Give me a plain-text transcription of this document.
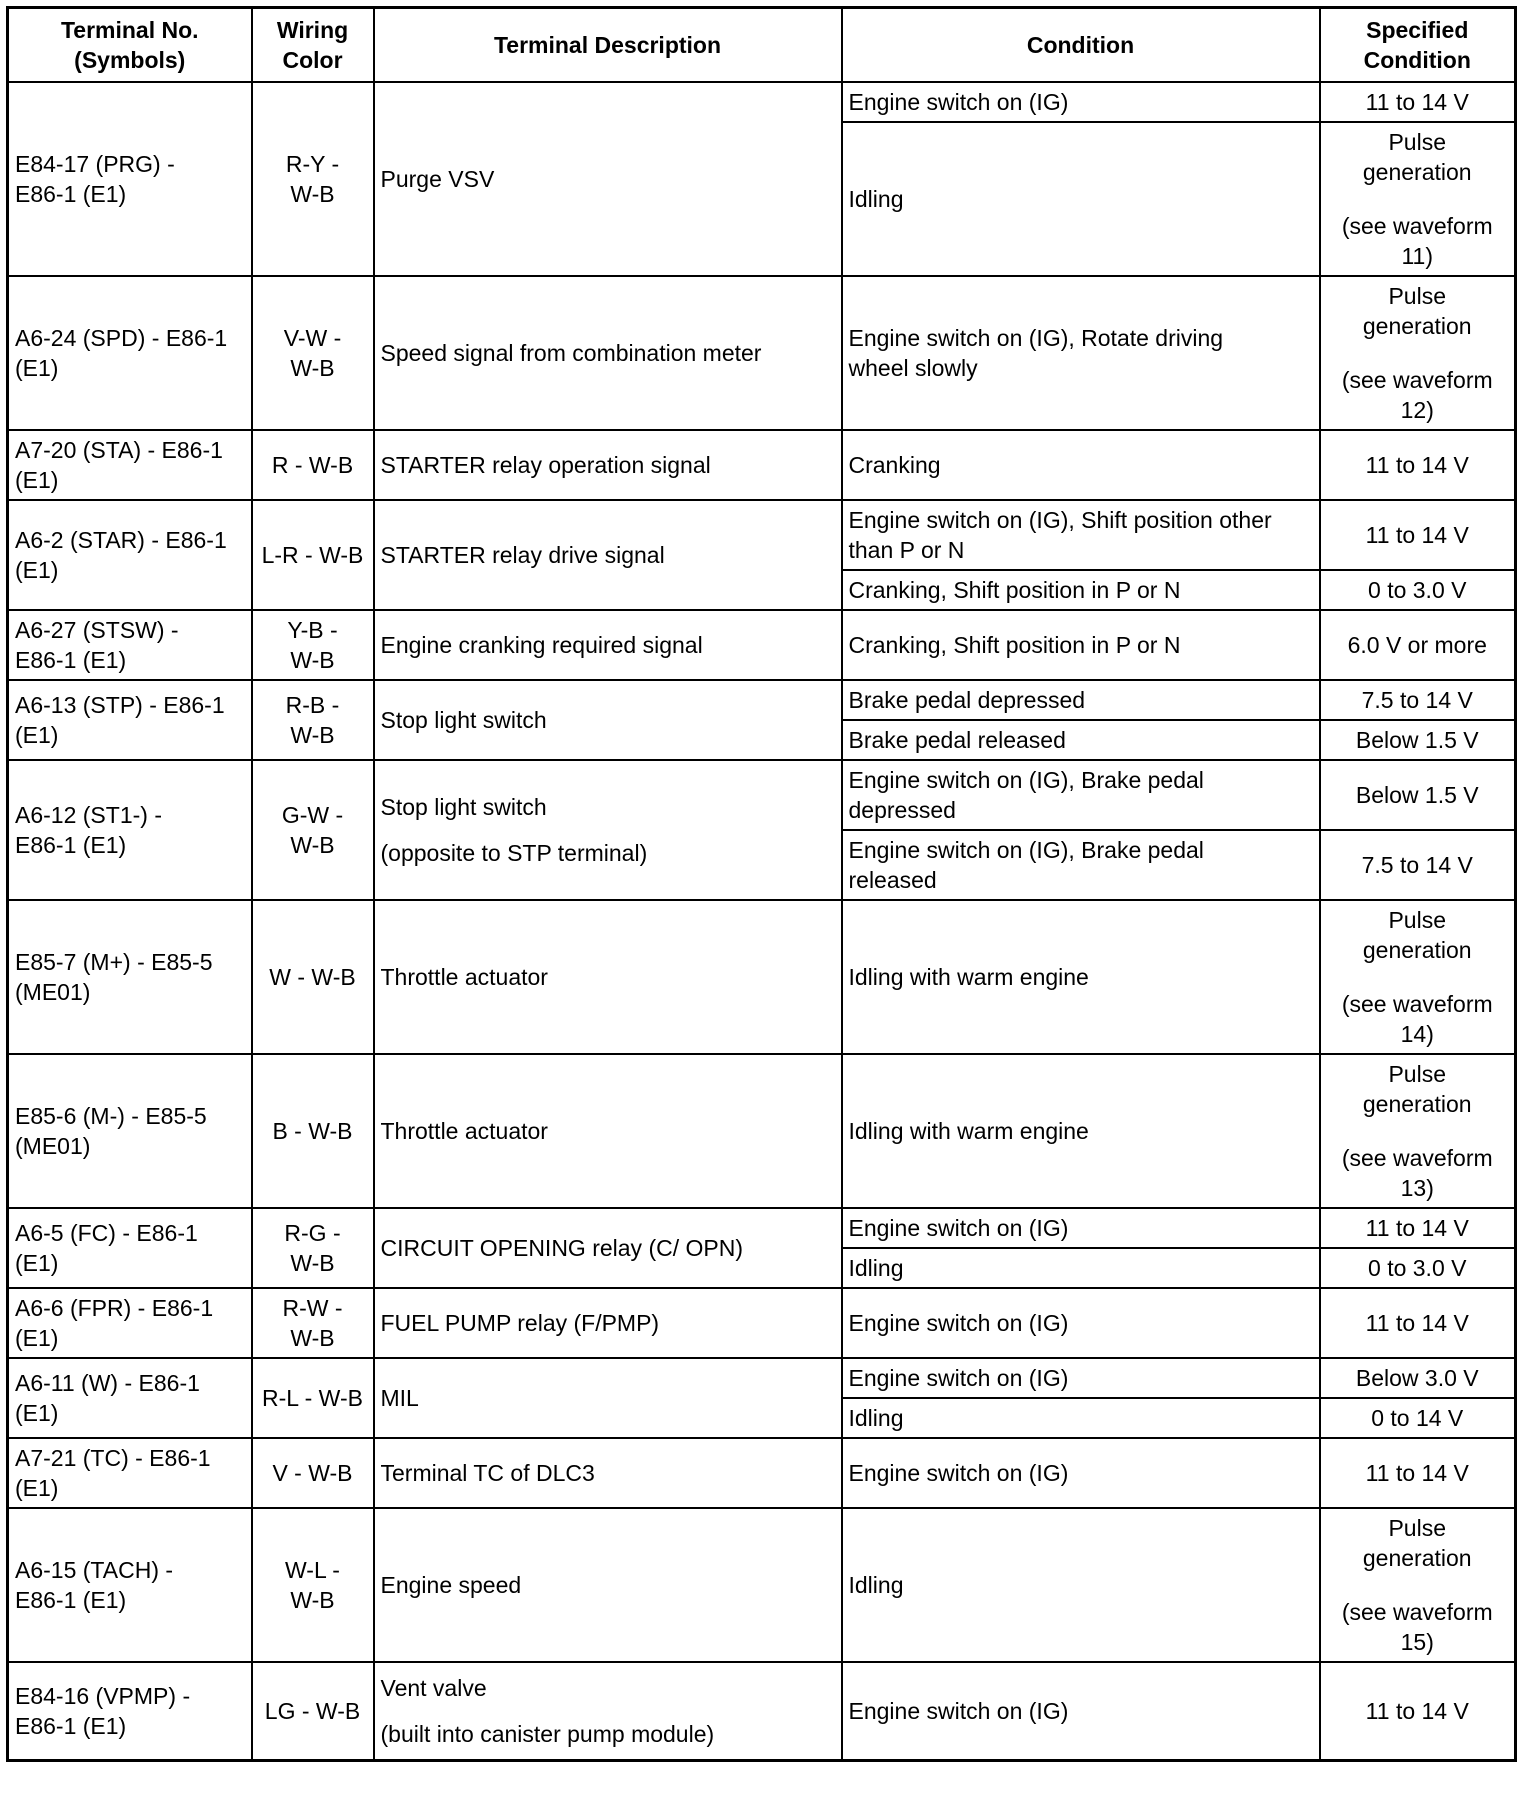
Terminal No.
(Symbols)	Wiring
Color	Terminal Description	Condition	Specified
Condition

E84-17 (PRG) -
E86-1 (E1)	R-Y -
W-B	Purge VSV	Engine switch on (IG)	11 to 14 V
			Idling	Pulse
generation
(see waveform
11)

A6-24 (SPD) - E86-1
(E1)	V-W -
W-B	Speed signal from combination meter	Engine switch on (IG), Rotate driving
wheel slowly	Pulse
generation
(see waveform
12)

A7-20 (STA) - E86-1
(E1)	R - W-B	STARTER relay operation signal	Cranking	11 to 14 V

A6-2 (STAR) - E86-1
(E1)	L-R - W-B	STARTER relay drive signal	Engine switch on (IG), Shift position other
than P or N	11 to 14 V
			Cranking, Shift position in P or N	0 to 3.0 V

A6-27 (STSW) -
E86-1 (E1)	Y-B -
W-B	Engine cranking required signal	Cranking, Shift position in P or N	6.0 V or more

A6-13 (STP) - E86-1
(E1)	R-B -
W-B	Stop light switch	Brake pedal depressed	7.5 to 14 V
			Brake pedal released	Below 1.5 V

A6-12 (ST1-) -
E86-1 (E1)	G-W -
W-B	Stop light switch
(opposite to STP terminal)	Engine switch on (IG), Brake pedal
depressed	Below 1.5 V

			Engine switch on (IG), Brake pedal
released	7.5 to 14 V

E85-7 (M+) - E85-5
(ME01)	W - W-B	Throttle actuator	Idling with warm engine	Pulse
generation
(see waveform
14)

E85-6 (M-) - E85-5
(ME01)	B - W-B	Throttle actuator	Idling with warm engine	Pulse
generation
(see waveform
13)

A6-5 (FC) - E86-1
(E1)	R-G -
W-B	CIRCUIT OPENING relay (C/ OPN)	Engine switch on (IG)	11 to 14 V
			Idling	0 to 3.0 V

A6-6 (FPR) - E86-1
(E1)	R-W -
W-B	FUEL PUMP relay (F/PMP)	Engine switch on (IG)	11 to 14 V

A6-11 (W) - E86-1
(E1)	R-L - W-B	MIL	Engine switch on (IG)	Below 3.0 V
			Idling	0 to 14 V

A7-21 (TC) - E86-1
(E1)	V - W-B	Terminal TC of DLC3	Engine switch on (IG)	11 to 14 V

A6-15 (TACH) -
E86-1 (E1)	W-L -
W-B	Engine speed	Idling	Pulse
generation
(see waveform
15)

E84-16 (VPMP) -
E86-1 (E1)	LG - W-B	Vent valve
(built into canister pump module)	Engine switch on (IG)	11 to 14 V
